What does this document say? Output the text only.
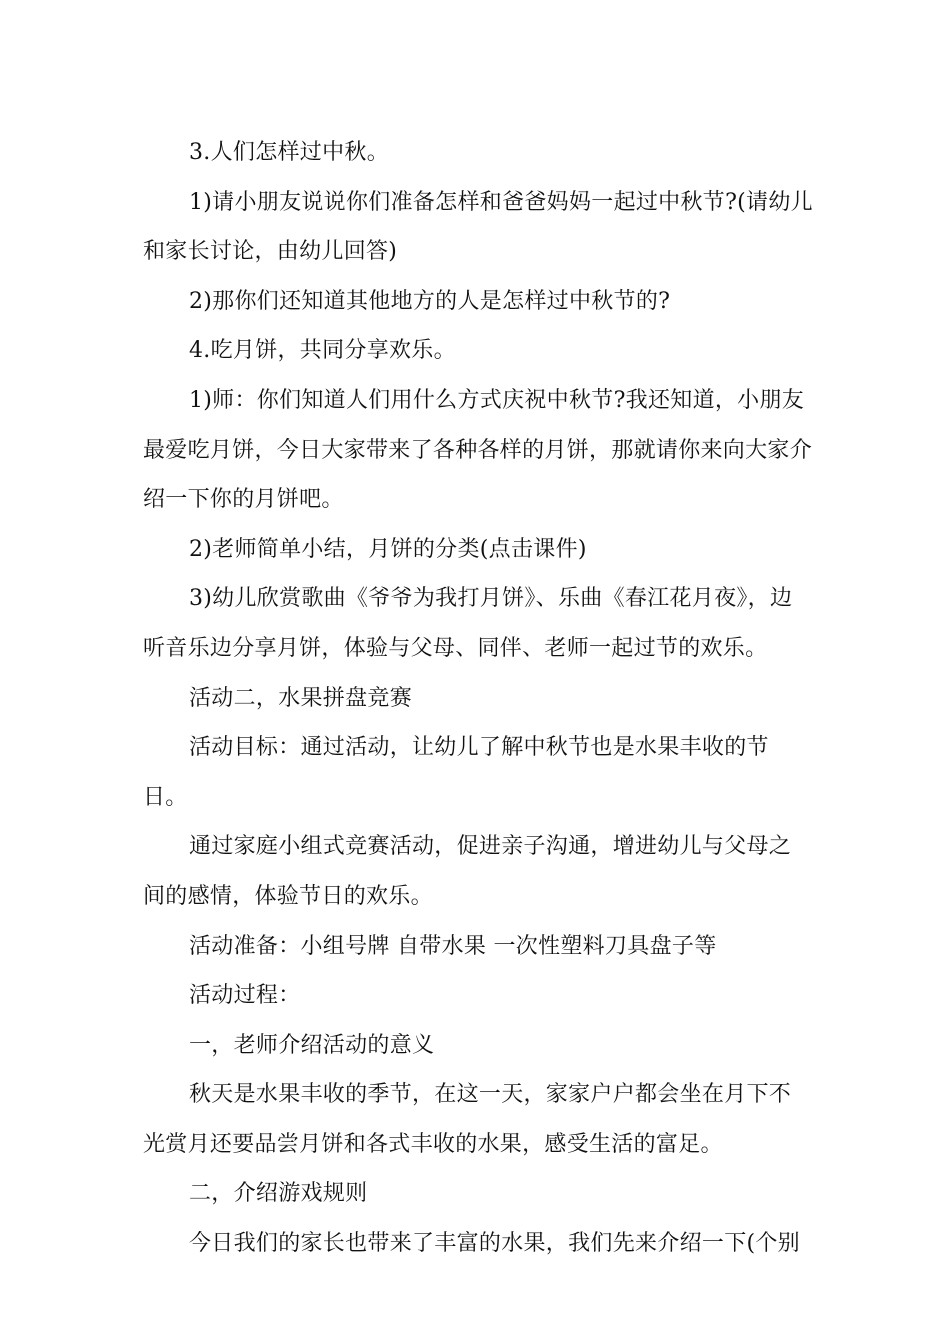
3.人们怎样过中秋。

1)请小朋友说说你们准备怎样和爸爸妈妈一起过中秋节?(请幼儿和家长讨论，由幼儿回答)

2)那你们还知道其他地方的人是怎样过中秋节的?

4.吃月饼，共同分享欢乐。

1)师：你们知道人们用什么方式庆祝中秋节?我还知道，小朋友最爱吃月饼，今日大家带来了各种各样的月饼，那就请你来向大家介绍一下你的月饼吧。

2)老师简单小结，月饼的分类(点击课件)

3)幼儿欣赏歌曲《爷爷为我打月饼》、乐曲《春江花月夜》，边听音乐边分享月饼，体验与父母、同伴、老师一起过节的欢乐。

活动二，水果拼盘竞赛

活动目标：通过活动，让幼儿了解中秋节也是水果丰收的节日。

通过家庭小组式竞赛活动，促进亲子沟通，增进幼儿与父母之间的感情，体验节日的欢乐。

活动准备：小组号牌 自带水果 一次性塑料刀具盘子等

活动过程：

一，老师介绍活动的意义

秋天是水果丰收的季节，在这一天，家家户户都会坐在月下不光赏月还要品尝月饼和各式丰收的水果，感受生活的富足。

二，介绍游戏规则

今日我们的家长也带来了丰富的水果，我们先来介绍一下(个别
